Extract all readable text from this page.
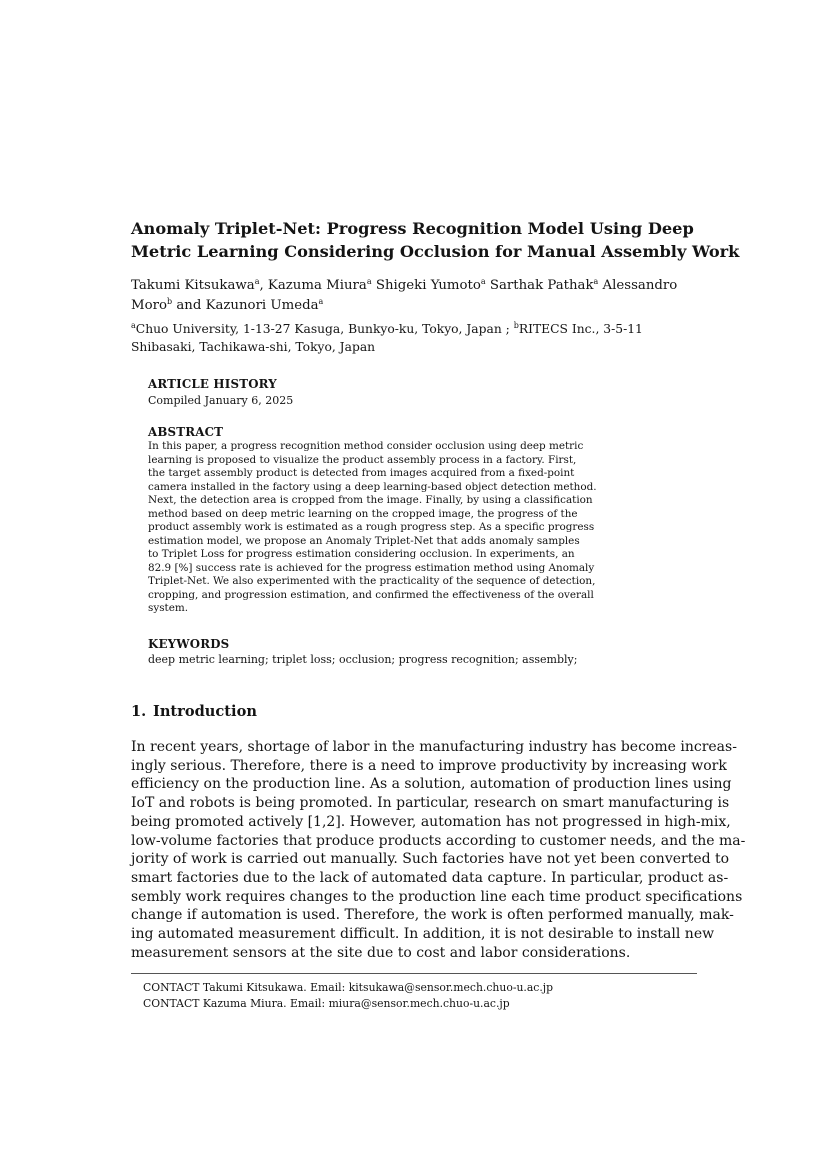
Anomaly Triplet-Net: Progress Recognition Model Using Deep
Metric Learning Considering Occlusion for Manual Assembly Work
Takumi Kitsukawa$^a$, Kazuma Miura$^a$ Shigeki Yumoto$^a$ Sarthak Pathak$^a$ Alessandro
Moro$^b$ and Kazunori Umeda$^a$
$^a$Chuo University, 1-13-27 Kasuga, Bunkyo-ku, Tokyo, Japan ; $^b$RITECS Inc., 3-5-11
Shibasaki, Tachikawa-shi, Tokyo, Japan
ARTICLE HISTORY
Compiled January 6, 2025
ABSTRACT
In this paper, a progress recognition method consider occlusion using deep metric
learning is proposed to visualize the product assembly process in a factory. First,
the target assembly product is detected from images acquired from a fixed-point
camera installed in the factory using a deep learning-based object detection method.
Next, the detection area is cropped from the image. Finally, by using a classification
method based on deep metric learning on the cropped image, the progress of the
product assembly work is estimated as a rough progress step. As a specific progress
estimation model, we propose an Anomaly Triplet-Net that adds anomaly samples
to Triplet Loss for progress estimation considering occlusion. In experiments, an
82.9 [%] success rate is achieved for the progress estimation method using Anomaly
Triplet-Net. We also experimented with the practicality of the sequence of detection,
cropping, and progression estimation, and confirmed the effectiveness of the overall
system.
KEYWORDS
deep metric learning; triplet loss; occlusion; progress recognition; assembly;
1. Introduction
In recent years, shortage of labor in the manufacturing industry has become increas-
ingly serious. Therefore, there is a need to improve productivity by increasing work
efficiency on the production line. As a solution, automation of production lines using
IoT and robots is being promoted. In particular, research on smart manufacturing is
being promoted actively [1,2]. However, automation has not progressed in high-mix,
low-volume factories that produce products according to customer needs, and the ma-
jority of work is carried out manually. Such factories have not yet been converted to
smart factories due to the lack of automated data capture. In particular, product as-
sembly work requires changes to the production line each time product specifications
change if automation is used. Therefore, the work is often performed manually, mak-
ing automated measurement difficult. In addition, it is not desirable to install new
measurement sensors at the site due to cost and labor considerations.
CONTACT Takumi Kitsukawa. Email: kitsukawa@sensor.mech.chuo-u.ac.jp
CONTACT Kazuma Miura. Email: miura@sensor.mech.chuo-u.ac.jp
